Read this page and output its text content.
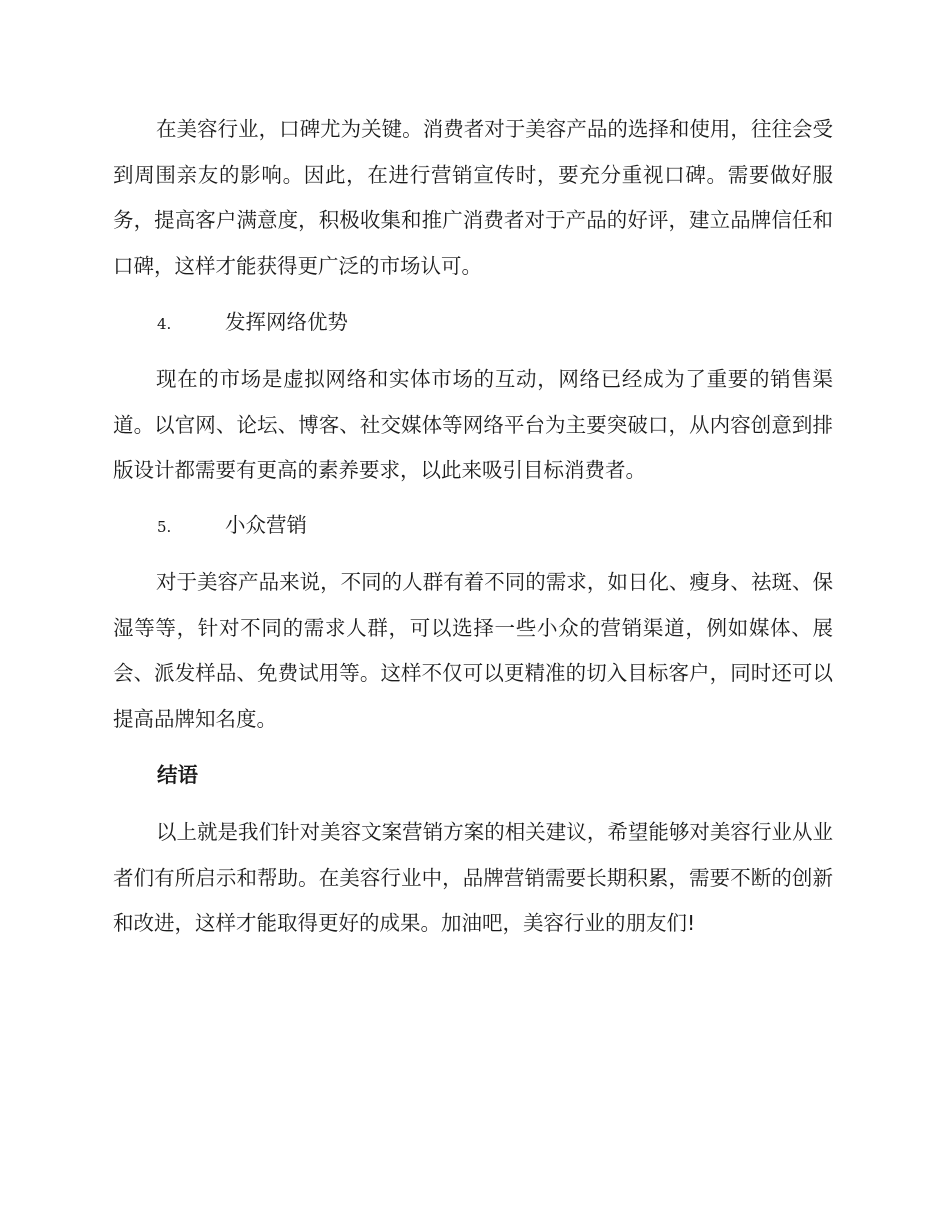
在美容行业，口碑尤为关键。消费者对于美容产品的选择和使用，往往会受到周围亲友的影响。因此，在进行营销宣传时，要充分重视口碑。需要做好服务，提高客户满意度，积极收集和推广消费者对于产品的好评，建立品牌信任和口碑，这样才能获得更广泛的市场认可。

4.	发挥网络优势

现在的市场是虚拟网络和实体市场的互动，网络已经成为了重要的销售渠道。以官网、论坛、博客、社交媒体等网络平台为主要突破口，从内容创意到排版设计都需要有更高的素养要求，以此来吸引目标消费者。

5.	小众营销

对于美容产品来说，不同的人群有着不同的需求，如日化、瘦身、祛斑、保湿等等，针对不同的需求人群，可以选择一些小众的营销渠道，例如媒体、展会、派发样品、免费试用等。这样不仅可以更精准的切入目标客户，同时还可以提高品牌知名度。

结语

以上就是我们针对美容文案营销方案的相关建议，希望能够对美容行业从业者们有所启示和帮助。在美容行业中，品牌营销需要长期积累，需要不断的创新和改进，这样才能取得更好的成果。加油吧，美容行业的朋友们!
